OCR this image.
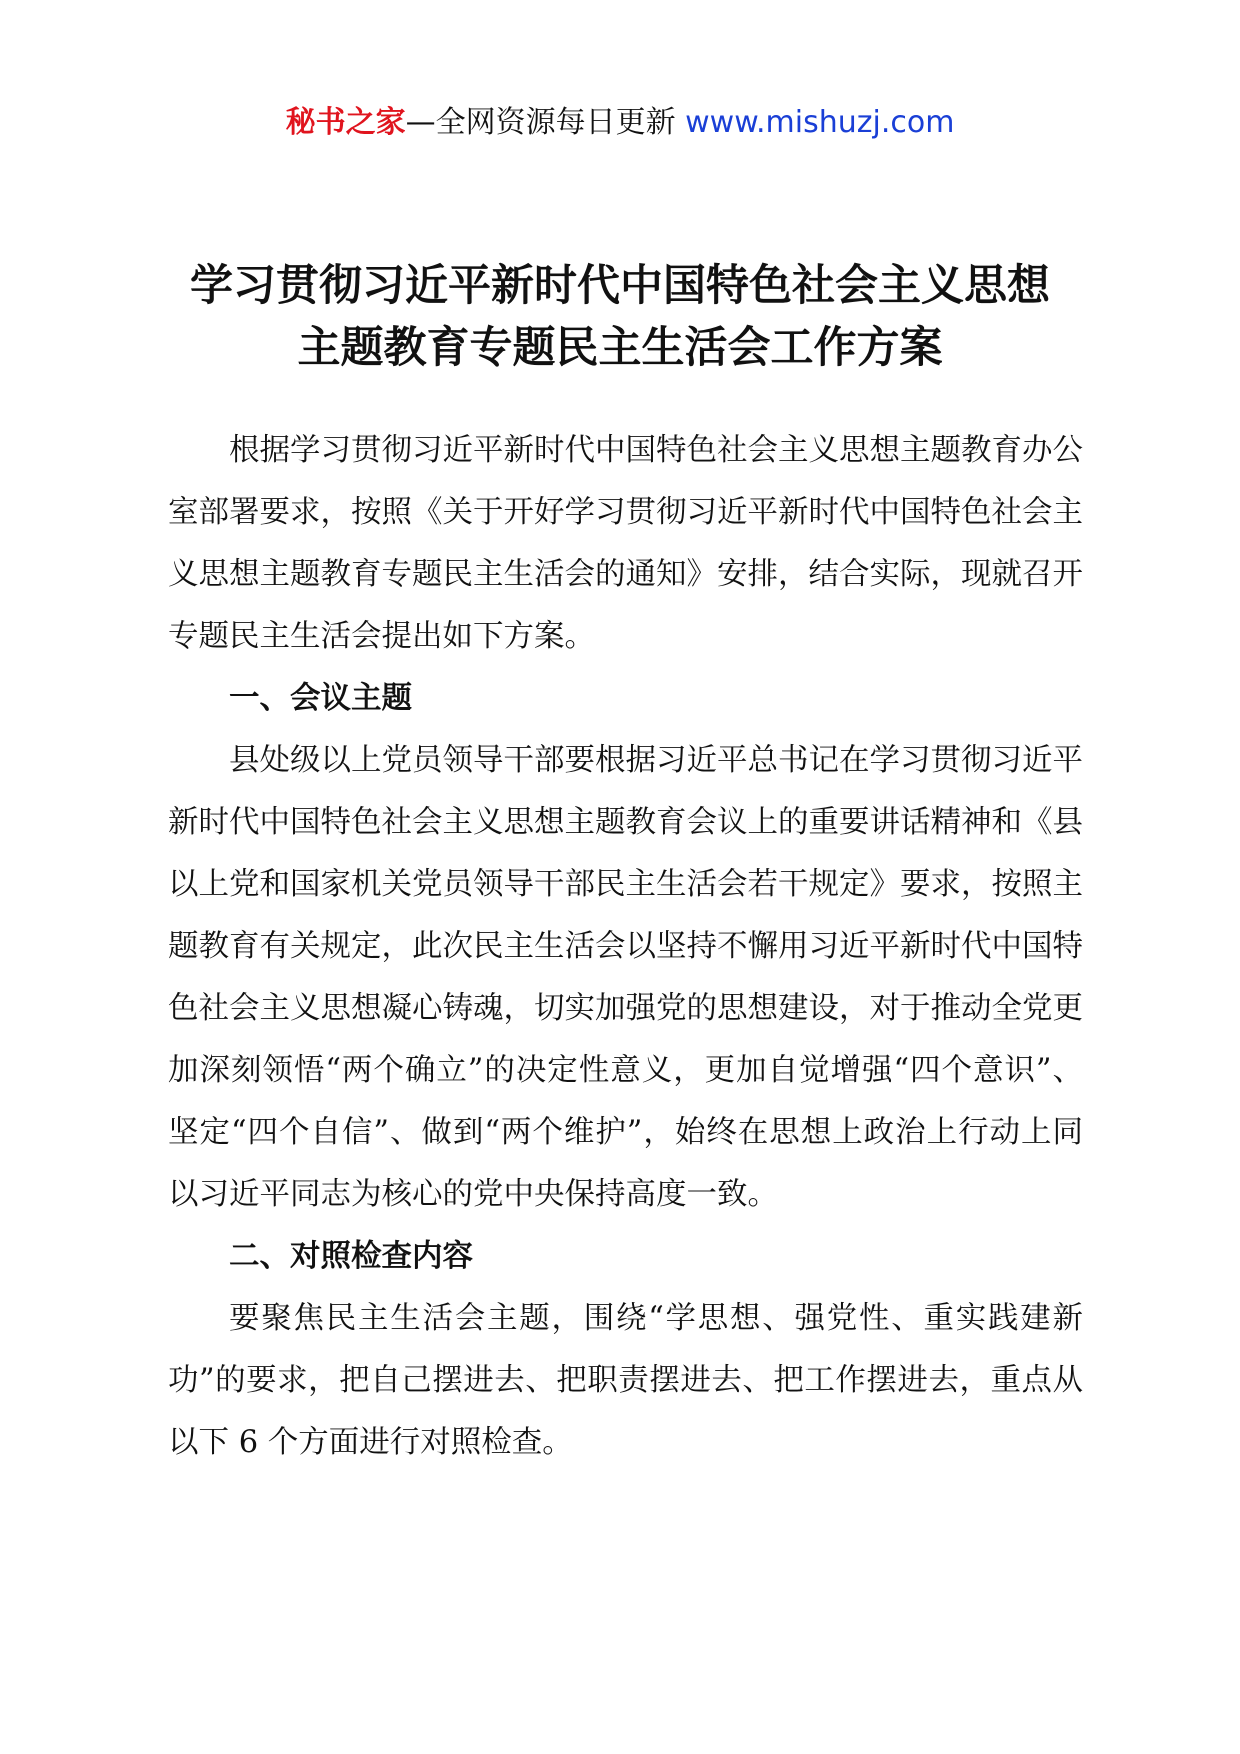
秘书之家—全网资源每日更新 www.mishuzj.com
学习贯彻习近平新时代中国特色社会主义思想
主题教育专题民主生活会工作方案

根据学习贯彻习近平新时代中国特色社会主义思想主题教育办公室部署要求，按照《关于开好学习贯彻习近平新时代中国特色社会主义思想主题教育专题民主生活会的通知》安排，结合实际，现就召开专题民主生活会提出如下方案。

一、会议主题

县处级以上党员领导干部要根据习近平总书记在学习贯彻习近平新时代中国特色社会主义思想主题教育会议上的重要讲话精神和《县以上党和国家机关党员领导干部民主生活会若干规定》要求，按照主题教育有关规定，此次民主生活会以坚持不懈用习近平新时代中国特色社会主义思想凝心铸魂，切实加强党的思想建设，对于推动全党更加深刻领悟“两个确立”的决定性意义，更加自觉增强“四个意识”、坚定“四个自信”、做到“两个维护”，始终在思想上政治上行动上同以习近平同志为核心的党中央保持高度一致。

二、对照检查内容

要聚焦民主生活会主题，围绕“学思想、强党性、重实践建新功”的要求，把自己摆进去、把职责摆进去、把工作摆进去，重点从以下 6 个方面进行对照检查。
